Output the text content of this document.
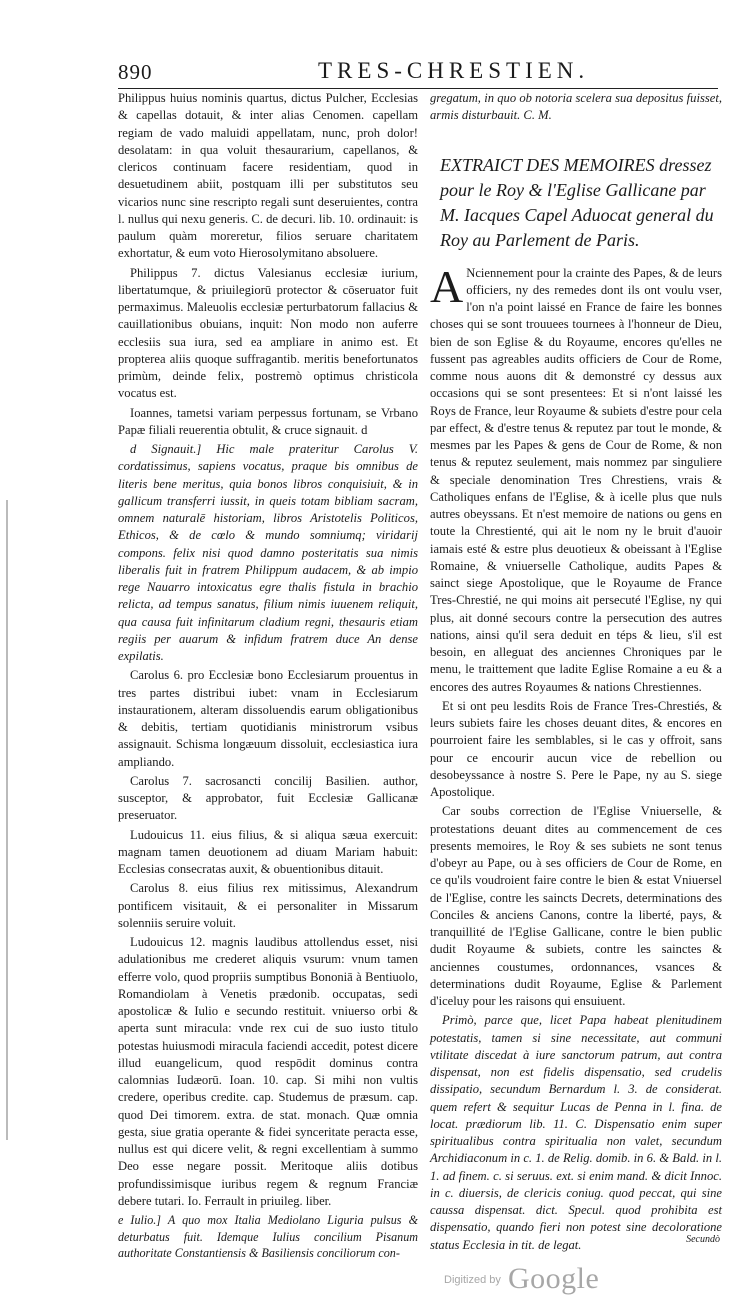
890	TRES-CHRESTIEN.

Philippus huius nominis quartus, dictus Pulcher, Ecclesias & capellas dotauit, & inter alias Cenomen. capellam regiam de vado maluidi appellatam, nunc, proh dolor! desolatam: in qua voluit thesaurarium, capellanos, & clericos continuam facere residentiam, quod in desuetudinem abiit, postquam illi per substitutos seu vicarios nunc sine rescripto regali sunt deseruientes, contra l. nullus qui nexu generis. C. de decuri. lib. 10. ordinauit: is paulum quàm moreretur, filios seruare charitatem exhortatur, & eum voto Hierosolymitano absoluere.

Philippus 7. dictus Valesianus ecclesiæ iurium, libertatumque, & priuilegiorū protector & cōseruator fuit permaximus. Maleuolis ecclesiæ perturbatorum fallacius & cauillationibus obuians, inquit: Non modo non auferre ecclesiis sua iura, sed ea ampliare in animo est. Et propterea aliis quoque suffragantib. meritis benefortunatos primùm, deinde felix, postremò optimus christicola vocatus est.

Ioannes, tametsi variam perpessus fortunam, se Vrbano Papæ filiali reuerentia obtulit, & cruce signauit. d

d Signauit.] Hic male prateritur Carolus V. cordatissimus, sapiens vocatus, praque bis omnibus de literis bene meritus, quia bonos libros conquisiuit, & in gallicum transferri iussit, in queis totam bibliam sacram, omnem naturalē historiam, libros Aristotelis Politicos, Ethicos, & de cœlo & mundo somniumq; viridarij compons. felix nisi quod damno posteritatis sua nimis liberalis fuit in fratrem Philippum audacem, & ab impio rege Nauarro intoxicatus egre thalis fistula in brachio relicta, ad tempus sanatus, filium nimis iuuenem reliquit, qua causa fuit infinitarum cladium regni, thesauris etiam regiis per auarum & infidum fratrem duce An dense expilatis.

Carolus 6. pro Ecclesiæ bono Ecclesiarum prouentus in tres partes distribui iubet: vnam in Ecclesiarum instaurationem, alteram dissoluendis earum obligationibus & debitis, tertiam quotidianis ministrorum vsibus assignauit. Schisma longæuum dissoluit, ecclesiastica iura ampliando.

Carolus 7. sacrosancti concilij Basilien. author, susceptor, & approbator, fuit Ecclesiæ Gallicanæ preseruator.

Ludouicus 11. eius filius, & si aliqua sæua exercuit: magnam tamen deuotionem ad diuam Mariam habuit: Ecclesias consecratas auxit, & obuentionibus ditauit.

Carolus 8. eius filius rex mitissimus, Alexandrum pontificem visitauit, & ei personaliter in Missarum solenniis seruire voluit.

Ludouicus 12. magnis laudibus attollendus esset, nisi adulationibus me crederet aliquis vsurum: vnum tamen efferre volo, quod propriis sumptibus Bononiā à Bentiuolo, Romandiolam à Venetis prædonib. occupatas, sedi apostolicæ & Iulio e secundo restituit. vniuerso orbi & aperta sunt miracula: vnde rex cui de suo iusto titulo potestas huiusmodi miracula faciendi accedit, potest dicere illud euangelicum, quod respōdit dominus contra calomnias Iudæorū. Ioan. 10. cap. Si mihi non vultis credere, operibus credite. cap. Studemus de præsum. cap. quod Dei timorem. extra. de stat. monach. Quæ omnia gesta, siue gratia operante & fidei synceritate peracta esse, nullus est qui dicere velit, & regni excellentiam à summo Deo esse negare possit. Meritoque aliis dotibus profundissimisque iuribus regem & regnum Franciæ debere tutari. Io. Ferrault in priuileg. liber.

e Iulio.] A quo mox Italia Mediolano Liguria pulsus & deturbatus fuit. Idemque Iulius concilium Pisanum authoritate Constantiensis & Basiliensis conciliorum con-

gregatum, in quo ob notoria scelera sua depositus fuisset, armis disturbauit. C. M.

EXTRAICT DES MEMOIRES dressez pour le Roy & l'Eglise Gallicane par M. Iacques Capel Aduocat general du Roy au Parlement de Paris.

A Nciennement pour la crainte des Papes, & de leurs officiers, ny des remedes dont ils ont voulu vser, l'on n'a point laissé en France de faire les bonnes choses qui se sont trouuees tournees à l'honneur de Dieu, bien de son Eglise & du Royaume, encores qu'elles ne fussent pas agreables audits officiers de Cour de Rome, comme nous auons dit & demonstré cy dessus aux occasions qui se sont presentees: Et si n'ont laissé les Roys de France, leur Royaume & subiets d'estre pour cela par effect, & d'estre tenus & reputez par tout le monde, & mesmes par les Papes & gens de Cour de Rome, & non tenus & reputez seulement, mais nommez par singuliere & speciale denomination Tres Chrestiens, vrais & Catholiques enfans de l'Eglise, & à icelle plus que nuls autres obeyssans. Et n'est memoire de nations ou gens en toute la Chrestienté, qui ait le nom ny le bruit d'auoir iamais esté & estre plus deuotieux & obeissant à l'Eglise Romaine, & vniuerselle Catholique, audits Papes & sainct siege Apostolique, que le Royaume de France Tres-Chrestié, ne qui moins ait persecuté l'Eglise, ny qui plus, ait donné secours contre la persecution des autres nations, ainsi qu'il sera deduit en téps & lieu, s'il est besoin, en alleguat des anciennes Chroniques par le menu, le traittement que ladite Eglise Romaine a eu & a encores des autres Royaumes & nations Chrestiennes.

Et si ont peu lesdits Rois de France Tres-Chrestiés, & leurs subiets faire les choses deuant dites, & encores en pourroient faire les semblables, si le cas y offroit, sans pour ce encourir aucun vice de rebellion ou desobeyssance à nostre S. Pere le Pape, ny au S. siege Apostolique.

Car soubs correction de l'Eglise Vniuerselle, & protestations deuant dites au commencement de ces presents memoires, le Roy & ses subiets ne sont tenus d'obeyr au Pape, ou à ses officiers de Cour de Rome, en ce qu'ils voudroient faire contre le bien & estat Vniuersel de l'Eglise, contre les saincts Decrets, determinations des Conciles & anciens Canons, contre la liberté, pays, & tranquillité de l'Eglise Gallicane, contre le bien public dudit Royaume & subiets, contre les sainctes & anciennes coustumes, ordonnances, vsances & determinations dudit Royaume, Eglise & Parlement d'iceluy pour les raisons qui ensuiuent.

Primò, parce que, licet Papa habeat plenitudinem potestatis, tamen si sine necessitate, aut communi vtilitate discedat à iure sanctorum patrum, aut contra dispensat, non est fidelis dispensatio, sed crudelis dissipatio, secundum Bernardum l. 3. de considerat. quem refert & sequitur Lucas de Penna in l. fina. de locat. prædiorum lib. 11. C. Dispensatio enim super spiritualibus contra spiritualia non valet, secundum Archidiaconum in c. 1. de Relig. domib. in 6. & Bald. in l. 1. ad finem. c. si seruus. ext. si enim mand. & dicit Innoc. in c. diuersis, de clericis coniug. quod peccat, qui sine caussa dispensat. dict. Specul. quod prohibita est dispensatio, quando fieri non potest sine decoloratione status Ecclesia in tit. de legat.	Secundò
Digitized by Google
